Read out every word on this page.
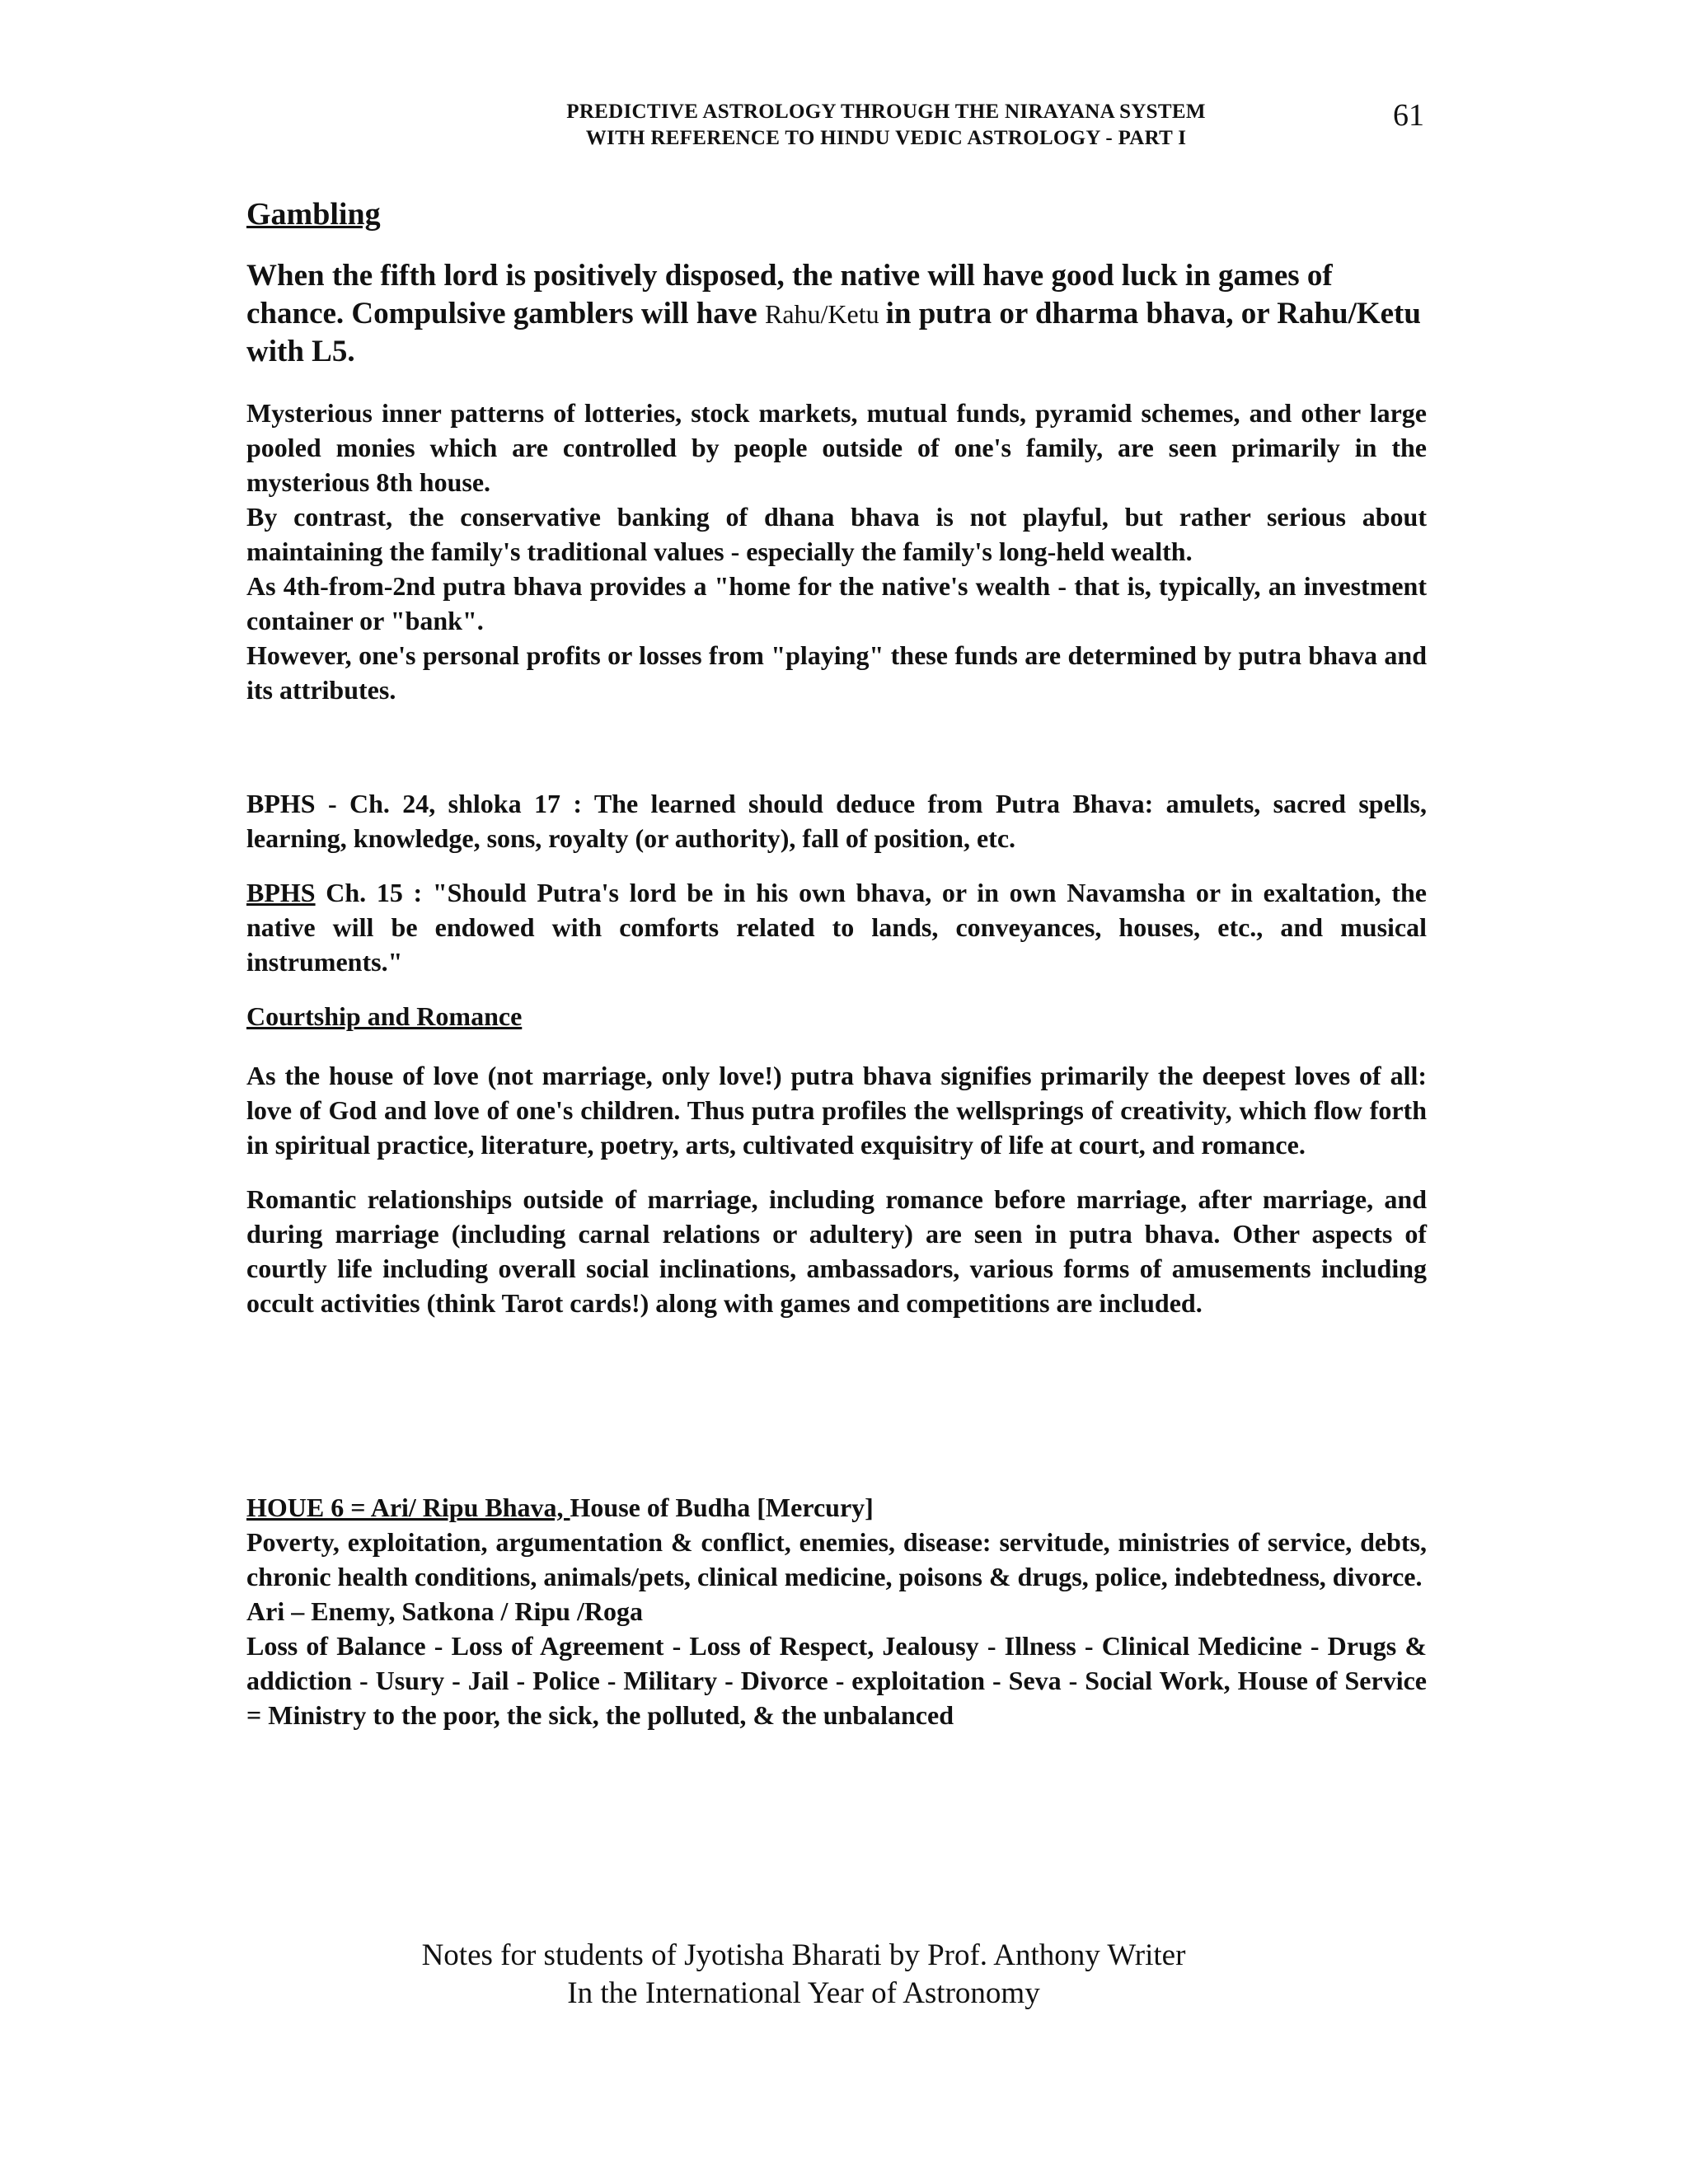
PREDICTIVE ASTROLOGY THROUGH THE NIRAYANA SYSTEM
WITH REFERENCE TO HINDU VEDIC ASTROLOGY - PART I
61
Gambling

When the fifth lord is positively disposed, the native will have good luck in games of chance. Compulsive gamblers will have Rahu/Ketu in putra or dharma bhava, or Rahu/Ketu with L5.

Mysterious inner patterns of lotteries, stock markets, mutual funds, pyramid schemes, and other large pooled monies which are controlled by people outside of one's family, are seen primarily in the mysterious 8th house.

By contrast, the conservative banking of dhana bhava is not playful, but rather serious about maintaining the family's traditional values - especially the family's long-held wealth.

As 4th-from-2nd putra bhava provides a "home for the native's wealth - that is, typically, an investment container or "bank".

However, one's personal profits or losses from "playing" these funds are determined by putra bhava and its attributes.

BPHS - Ch. 24, shloka 17 : The learned should deduce from Putra Bhava: amulets, sacred spells, learning, knowledge, sons, royalty (or authority), fall of position, etc.

BPHS Ch. 15 : "Should Putra's lord be in his own bhava, or in own Navamsha or in exaltation, the native will be endowed with comforts related to lands, conveyances, houses, etc., and musical instruments."

Courtship and Romance

As the house of love (not marriage, only love!) putra bhava signifies primarily the deepest loves of all: love of God and love of one's children. Thus putra profiles the wellsprings of creativity, which flow forth in spiritual practice, literature, poetry, arts, cultivated exquisitry of life at court, and romance.

Romantic relationships outside of marriage, including romance before marriage, after marriage, and during marriage (including carnal relations or adultery) are seen in putra bhava. Other aspects of courtly life including overall social inclinations, ambassadors, various forms of amusements including occult activities (think Tarot cards!) along with games and competitions are included.

HOUE 6 = Ari/ Ripu Bhava, House of Budha [Mercury]

Poverty, exploitation, argumentation & conflict, enemies, disease: servitude, ministries of service, debts, chronic health conditions, animals/pets, clinical medicine, poisons & drugs, police, indebtedness, divorce.

Ari – Enemy, Satkona / Ripu /Roga

Loss of Balance - Loss of Agreement - Loss of Respect, Jealousy - Illness - Clinical Medicine - Drugs & addiction - Usury - Jail - Police - Military - Divorce - exploitation - Seva - Social Work, House of Service = Ministry to the poor, the sick, the polluted, & the unbalanced

Notes for students of Jyotisha Bharati by Prof. Anthony Writer
In the International Year of Astronomy
